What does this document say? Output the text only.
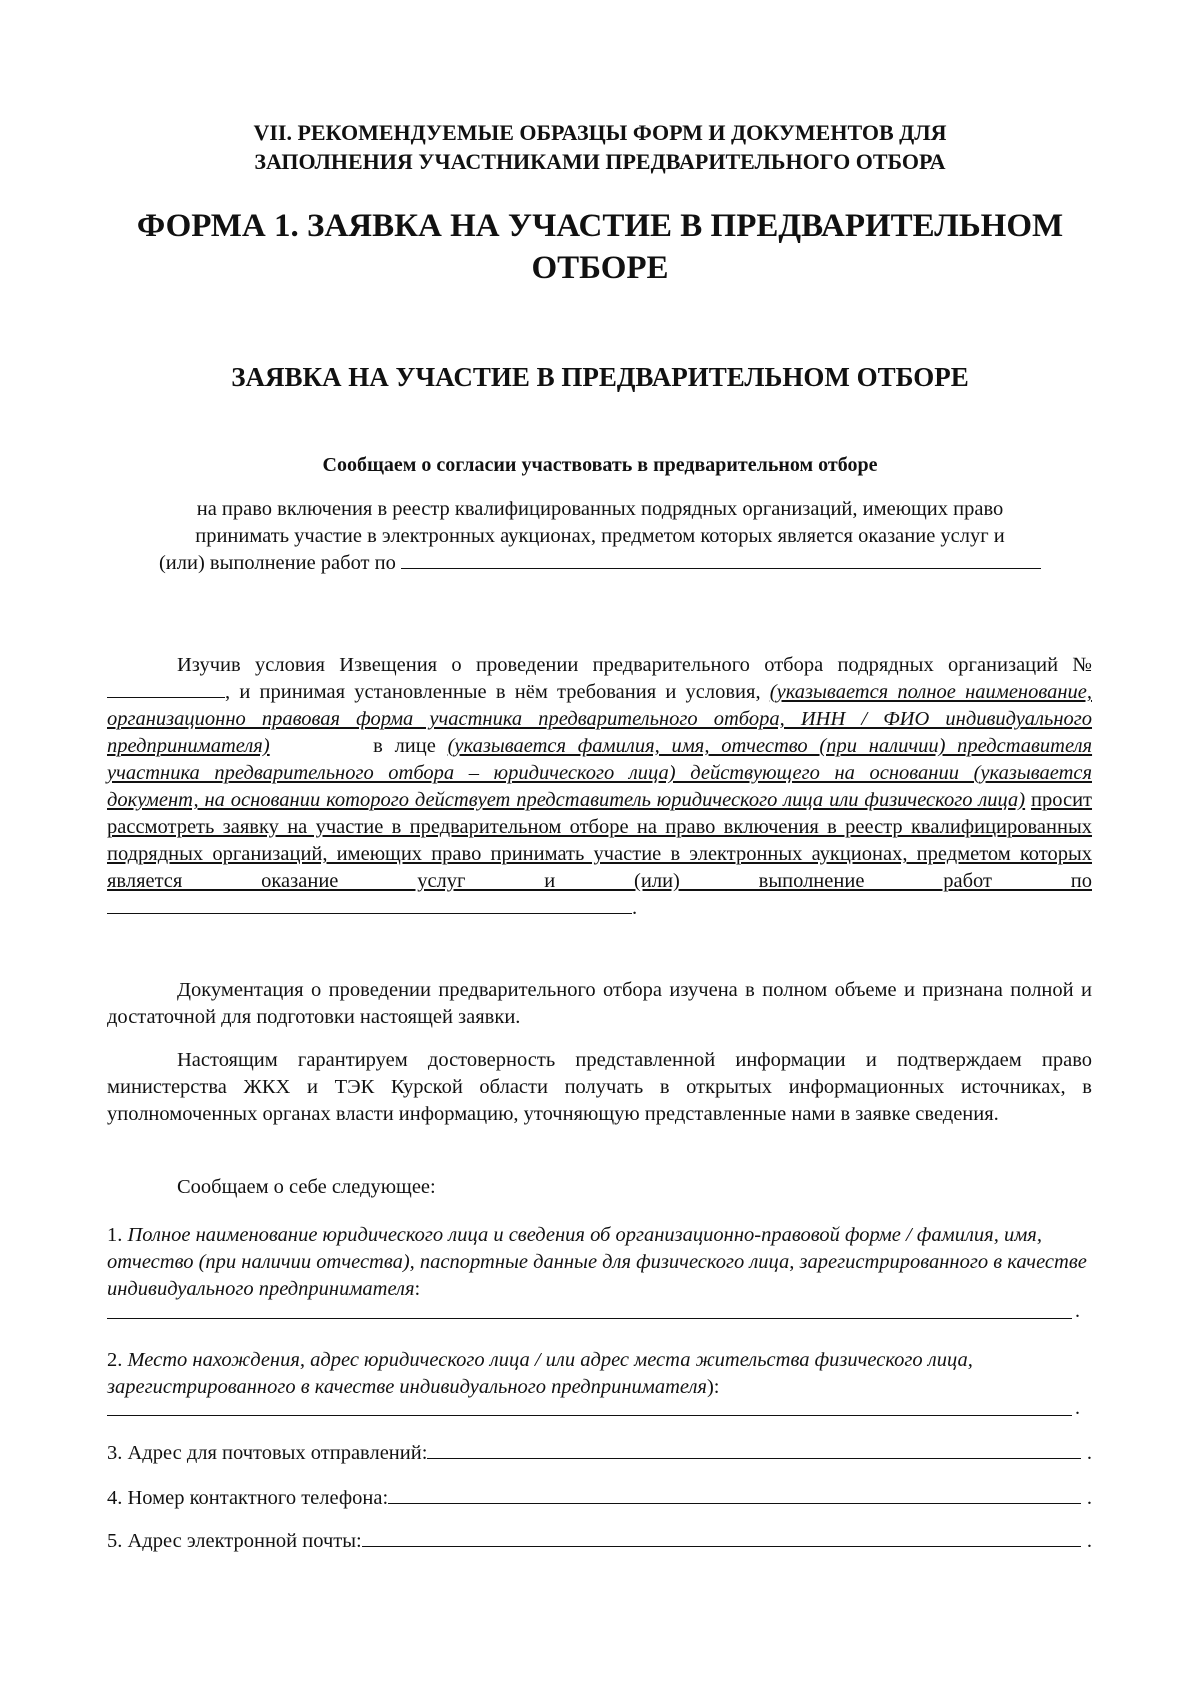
VII. РЕКОМЕНДУЕМЫЕ ОБРАЗЦЫ ФОРМ И ДОКУМЕНТОВ ДЛЯ
ЗАПОЛНЕНИЯ УЧАСТНИКАМИ ПРЕДВАРИТЕЛЬНОГО ОТБОРА
ФОРМА 1. ЗАЯВКА НА УЧАСТИЕ В ПРЕДВАРИТЕЛЬНОМ
ОТБОРЕ
ЗАЯВКА НА УЧАСТИЕ В ПРЕДВАРИТЕЛЬНОМ ОТБОРЕ
Сообщаем о согласии участвовать в предварительном отборе
на право включения в реестр квалифицированных подрядных организаций, имеющих право
принимать участие в электронных аукционах, предметом которых является оказание услуг и
(или) выполнение работ по
Изучив условия Извещения о проведении предварительного отбора подрядных организаций №, и принимая установленные в нём требования и условия, (указывается полное наименование, организационно правовая форма участника предварительного отбора, ИНН / ФИО индивидуального предпринимателя)	в лице (указывается фамилия, имя, отчество (при наличии) представителя участника предварительного отбора – юридического лица) действующего на основании (указывается документ, на основании которого действует представитель юридического лица или физического лица) просит рассмотреть заявку на участие в предварительном отборе на право включения в реестр квалифицированных подрядных организаций, имеющих право принимать участие в электронных аукционах, предметом которых является оказание услуг и (или) выполнение работ по.
Документация о проведении предварительного отбора изучена в полном объеме и признана полной и достаточной для подготовки настоящей заявки.
Настоящим гарантируем достоверность представленной информации и подтверждаем право министерства ЖКХ и ТЭК Курской области получать в открытых информационных источниках, в уполномоченных органах власти информацию, уточняющую представленные нами в заявке сведения.
Сообщаем о себе следующее:
1. Полное наименование юридического лица и сведения об организационно-правовой форме / фамилия, имя, отчество (при наличии отчества), паспортные данные для физического лица, зарегистрированного в качестве индивидуального предпринимателя:
.
2. Место нахождения, адрес юридического лица / или адрес места жительства физического лица, зарегистрированного в качестве индивидуального предпринимателя):
.
3. Адрес для почтовых отправлений:	.
4. Номер контактного телефона:	.
5. Адрес электронной почты:	.
